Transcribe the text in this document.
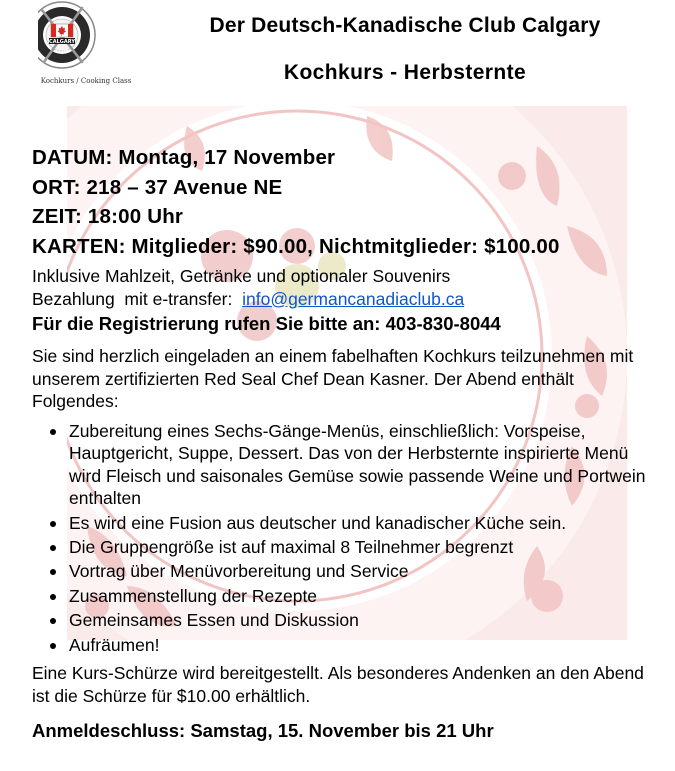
CALGARY
CLUB
Kochkurs / Cooking Class
Der Deutsch-Kanadische Club Calgary
Kochkurs - Herbsternte
DATUM: Montag, 17 November
ORT: 218 – 37 Avenue NE
ZEIT: 18:00 Uhr
KARTEN: Mitglieder: $90.00, Nichtmitglieder: $100.00
Inklusive Mahlzeit, Getränke und optionaler Souvenirs
Bezahlung  mit e-transfer:  info@germancanadiaclub.ca
Für die Registrierung rufen Sie bitte an: 403-830-8044
Sie sind herzlich eingeladen an einem fabelhaften Kochkurs teilzunehmen mit unserem zertifizierten Red Seal Chef Dean Kasner. Der Abend enthält Folgendes:
Zubereitung eines Sechs-Gänge-Menüs, einschließlich: Vorspeise, Hauptgericht, Suppe, Dessert. Das von der Herbsternte inspirierte Menü wird Fleisch und saisonales Gemüse sowie passende Weine und Portwein enthalten
Es wird eine Fusion aus deutscher und kanadischer Küche sein.
Die Gruppengröße ist auf maximal 8 Teilnehmer begrenzt
Vortrag über Menüvorbereitung und Service
Zusammenstellung der Rezepte
Gemeinsames Essen und Diskussion
Aufräumen!
Eine Kurs-Schürze wird bereitgestellt. Als besonderes Andenken an den Abend ist die Schürze für $10.00 erhältlich.
Anmeldeschluss: Samstag, 15. November bis 21 Uhr
